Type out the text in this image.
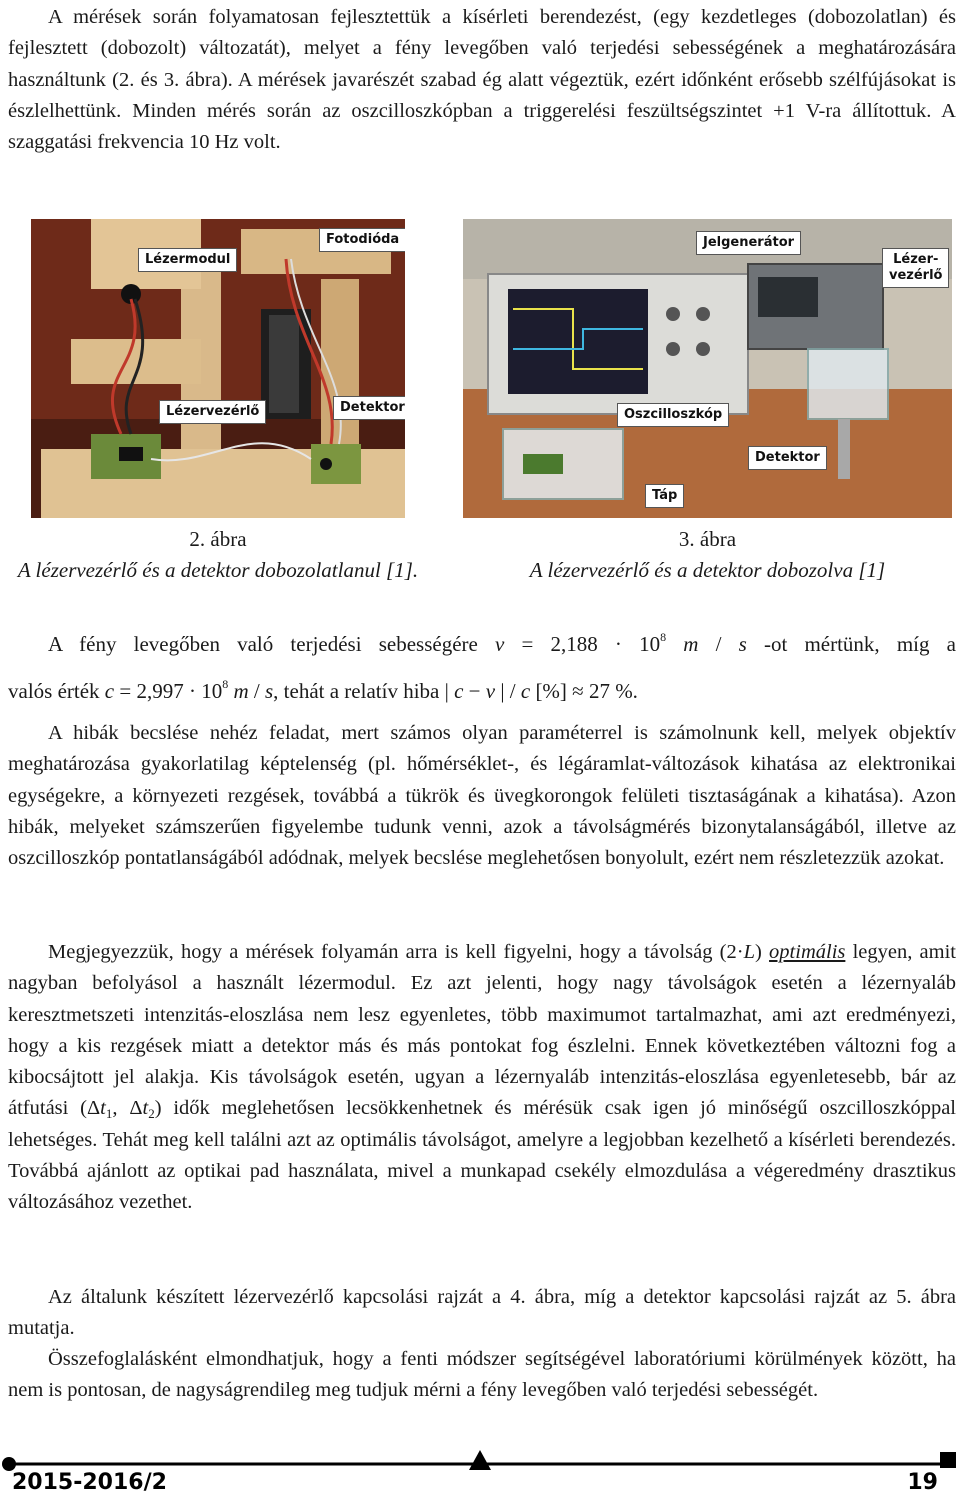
A mérések során folyamatosan fejlesztettük a kísérleti berendezést, (egy kezdetleges (dobozolatlan) és fejlesztett (dobozolt) változatát), melyet a fény levegőben való terjedési sebességének a meghatározására használtunk (2. és 3. ábra). A mérések javarészét szabad ég alatt végeztük, ezért időnként erősebb szélfújásokat is észlelhettünk. Minden mérés során az oszcilloszkópban a triggerelési feszültségszintet +1 V-ra állítottuk. A szaggatási frekvencia 10 Hz volt.

Lézermodul
Fotodióda
Lézervezérlő	Detektor
Jelgenerátor
Lézer-
vezérlő
Oszcilloszkóp
Detektor
Táp
2. ábra
A lézervezérlő és a detektor dobozolatlanul [1].
3. ábra
A lézervezérlő és a detektor dobozolva [1]
A fény levegőben való terjedési sebességére $v = 2,188 \cdot 10^8$ m / s -ot mértünk, míg a
valós érték $c = 2,997 \cdot 10^8$ m / s, tehát a relatív hiba | c − v | / c [%] ≈ 27 %.

A hibák becslése nehéz feladat, mert számos olyan paraméterrel is számolnunk kell, melyek objektív meghatározása gyakorlatilag képtelenség (pl. hőmérséklet-, és légáramlat-változások kihatása az elektronikai egységekre, a környezeti rezgések, továbbá a tükrök és üvegkorongok felületi tisztaságának a kihatása). Azon hibák, melyeket számszerűen figyelembe tudunk venni, azok a távolságmérés bizonytalanságából, illetve az oszcilloszkóp pontatlanságából adódnak, melyek becslése meglehetősen bonyolult, ezért nem részletezzük azokat.

Megjegyezzük, hogy a mérések folyamán arra is kell figyelni, hogy a távolság (2·L) optimális legyen, amit nagyban befolyásol a használt lézermodul. Ez azt jelenti, hogy nagy távolságok esetén a lézernyaláb keresztmetszeti intenzitás-eloszlása nem lesz egyenletes, több maximumot tartalmazhat, ami azt eredményezi, hogy a kis rezgések miatt a detektor más és más pontokat fog észlelni. Ennek következtében változni fog a kibocsájtott jel alakja. Kis távolságok esetén, ugyan a lézernyaláb intenzitás-eloszlása egyenletesebb, bár az átfutási ($\Delta t_1$, $\Delta t_2$) idők meglehetősen lecsökkenhetnek és mérésük csak igen jó minőségű oszcilloszkóppal lehetséges. Tehát meg kell találni azt az optimális távolságot, amelyre a legjobban kezelhető a kísérleti berendezés. Továbbá ajánlott az optikai pad használata, mivel a munkapad csekély elmozdulása a végeredmény drasztikus változásához vezethet.

Az általunk készített lézervezérlő kapcsolási rajzát a 4. ábra, míg a detektor kapcsolási rajzát az 5. ábra mutatja.

Összefoglalásként elmondhatjuk, hogy a fenti módszer segítségével laboratóriumi körülmények között, ha nem is pontosan, de nagyságrendileg meg tudjuk mérni a fény levegőben való terjedési sebességét.

2015-2016/2	19
